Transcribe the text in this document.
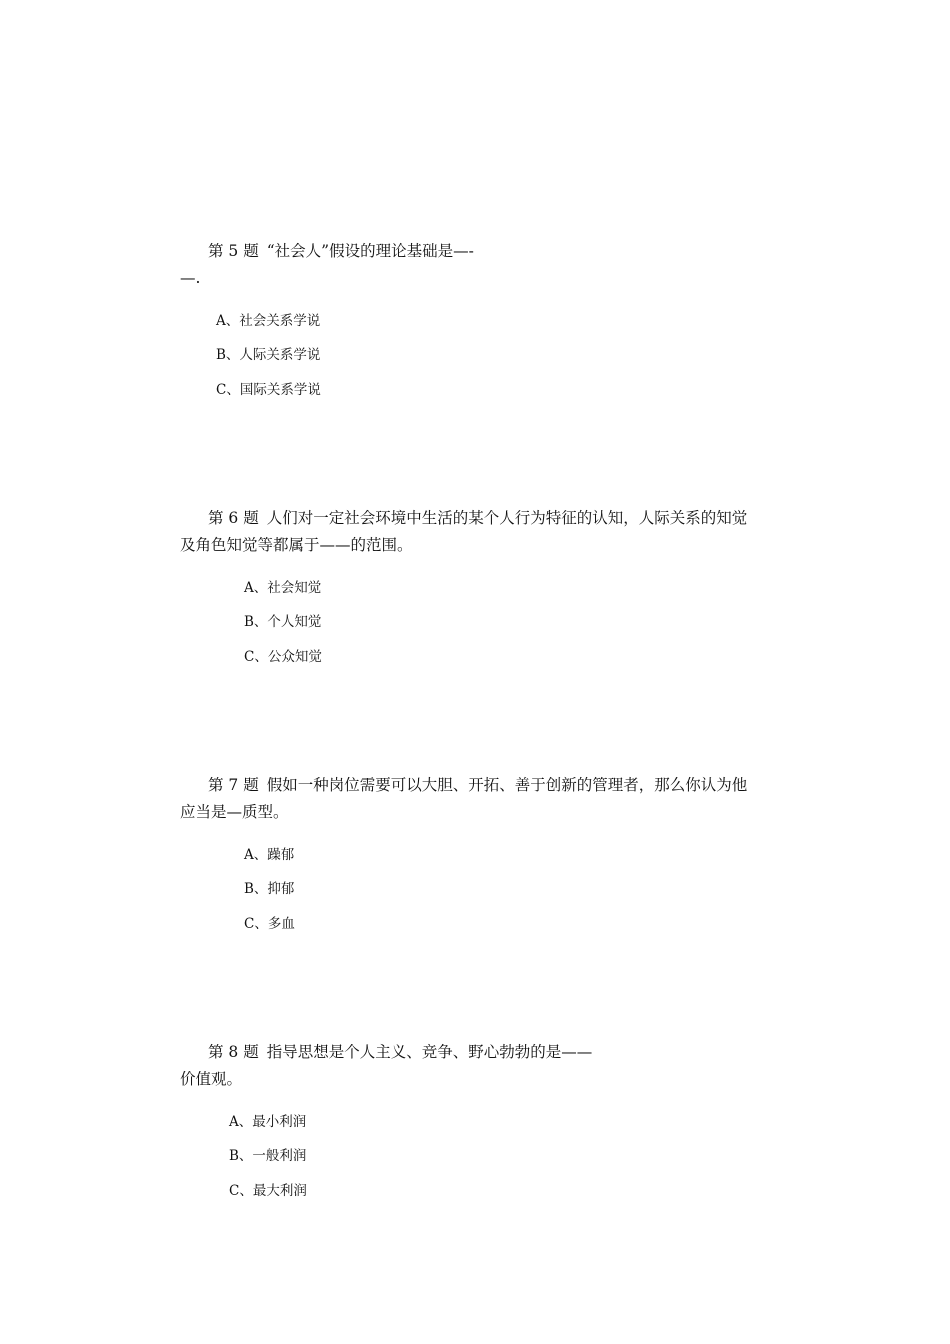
第 5 题 “社会人”假设的理论基础是—-
—.

A、社会关系学说

B、人际关系学说

C、国际关系学说

第 6 题 人们对一定社会环境中生活的某个人行为特征的认知，人际关系的知觉
及角色知觉等都属于——的范围。

A、社会知觉

B、个人知觉

C、公众知觉

第 7 题 假如一种岗位需要可以大胆、开拓、善于创新的管理者，那么你认为他
应当是—质型。

A、躁郁

B、抑郁

C、多血

第 8 题 指导思想是个人主义、竞争、野心勃勃的是——
价值观。

A、最小利润

B、一般利润

C、最大利润
